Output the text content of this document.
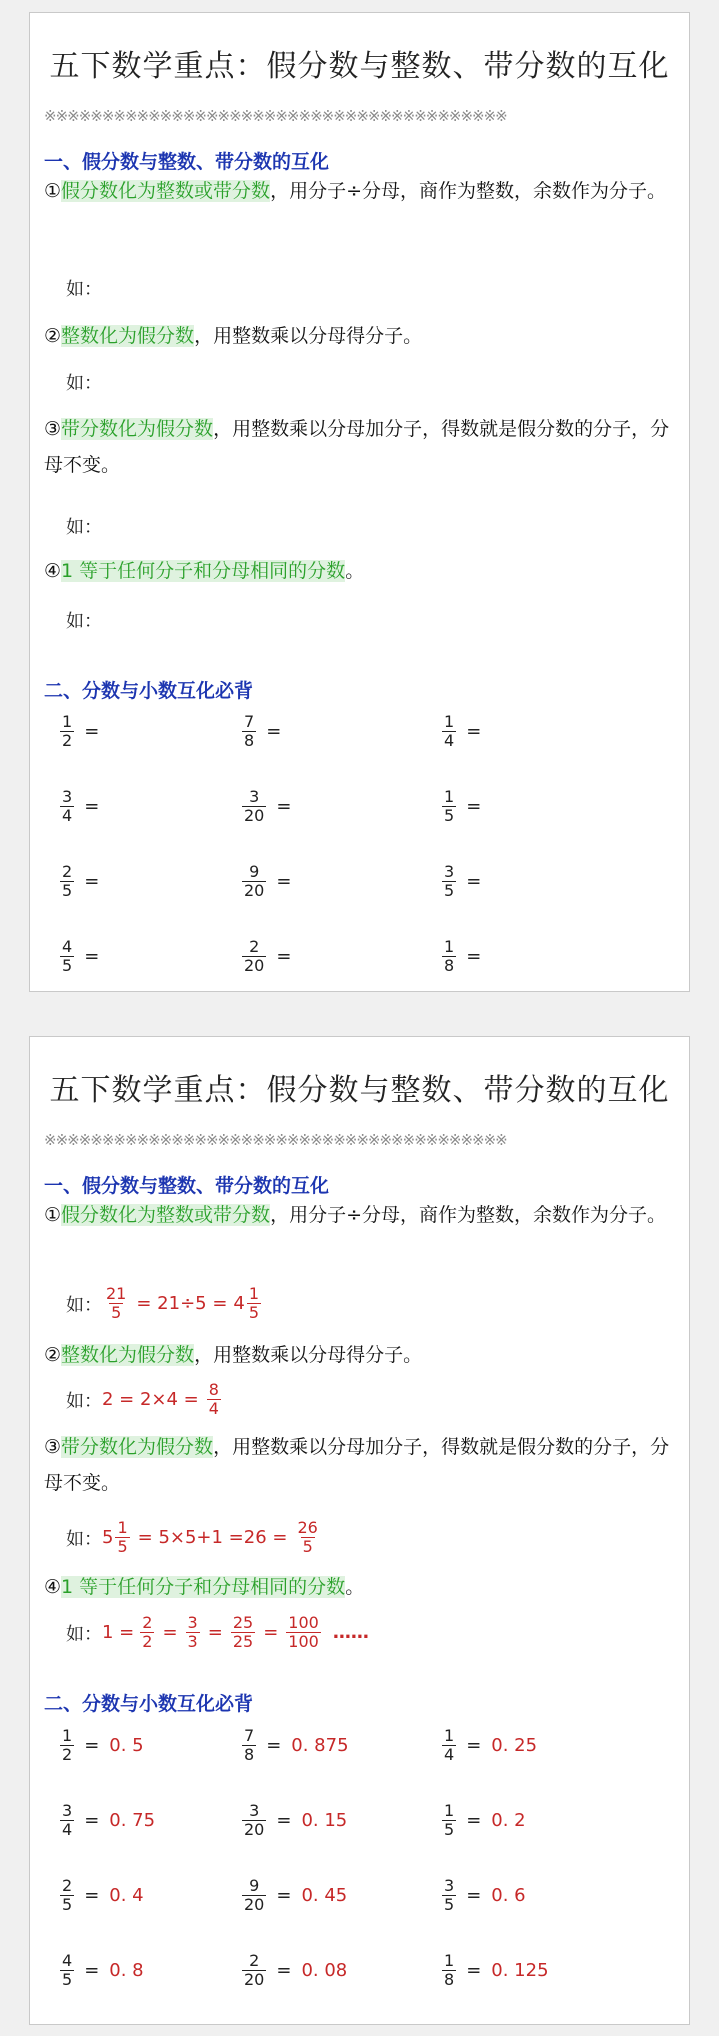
五下数学重点：假分数与整数、带分数的互化
※※※※※※※※※※※※※※※※※※※※※※※※※※※※※※※※※※※※※※※※
一、假分数与整数、带分数的互化
①假分数化为整数或带分数，用分子÷分母，商作为整数，余数作为分子。
如：
②整数化为假分数，用整数乘以分母得分子。
如：
③带分数化为假分数，用整数乘以分母加分子，得数就是假分数的分子，分母不变。
如：
④1 等于任何分子和分母相同的分数。
如：
二、分数与小数互化必背
$\frac{1}{2}$ =	$\frac{7}{8}$ =	$\frac{1}{4}$ =
$\frac{3}{4}$ =	$\frac{3}{20}$ =	$\frac{1}{5}$ =
$\frac{2}{5}$ =	$\frac{9}{20}$ =	$\frac{3}{5}$ =
$\frac{4}{5}$ =	$\frac{2}{20}$ =	$\frac{1}{8}$ =
五下数学重点：假分数与整数、带分数的互化
※※※※※※※※※※※※※※※※※※※※※※※※※※※※※※※※※※※※※※※※
一、假分数与整数、带分数的互化
①假分数化为整数或带分数，用分子÷分母，商作为整数，余数作为分子。
如： $\frac{21}{5} = 21\div 5 = 4 \frac{1}{5}$
②整数化为假分数，用整数乘以分母得分子。
如： $2 = 2\times 4 = \frac{8}{4}$
③带分数化为假分数，用整数乘以分母加分子，得数就是假分数的分子，分母不变。
如： $5 \frac{1}{5} = 5\times 5+1 =26 = \frac{26}{5}$
④1 等于任何分子和分母相同的分数。
如： $1 = \frac{2}{2} = \frac{3}{3} = \frac{25}{25} = \frac{100}{100}$ ……
二、分数与小数互化必背
$\frac{1}{2} = 0$. 5	$\frac{7}{8} = 0$. 875	$\frac{1}{4} = 0$. 25
$\frac{3}{4} = 0$. 75	$\frac{3}{20} = 0$. 15	$\frac{1}{5} = 0$. 2
$\frac{2}{5} = 0$. 4	$\frac{9}{20} = 0$. 45	$\frac{3}{5} = 0$. 6
$\frac{4}{5} = 0$. 8	$\frac{2}{20} = 0$. 08	$\frac{1}{8} = 0$. 125
